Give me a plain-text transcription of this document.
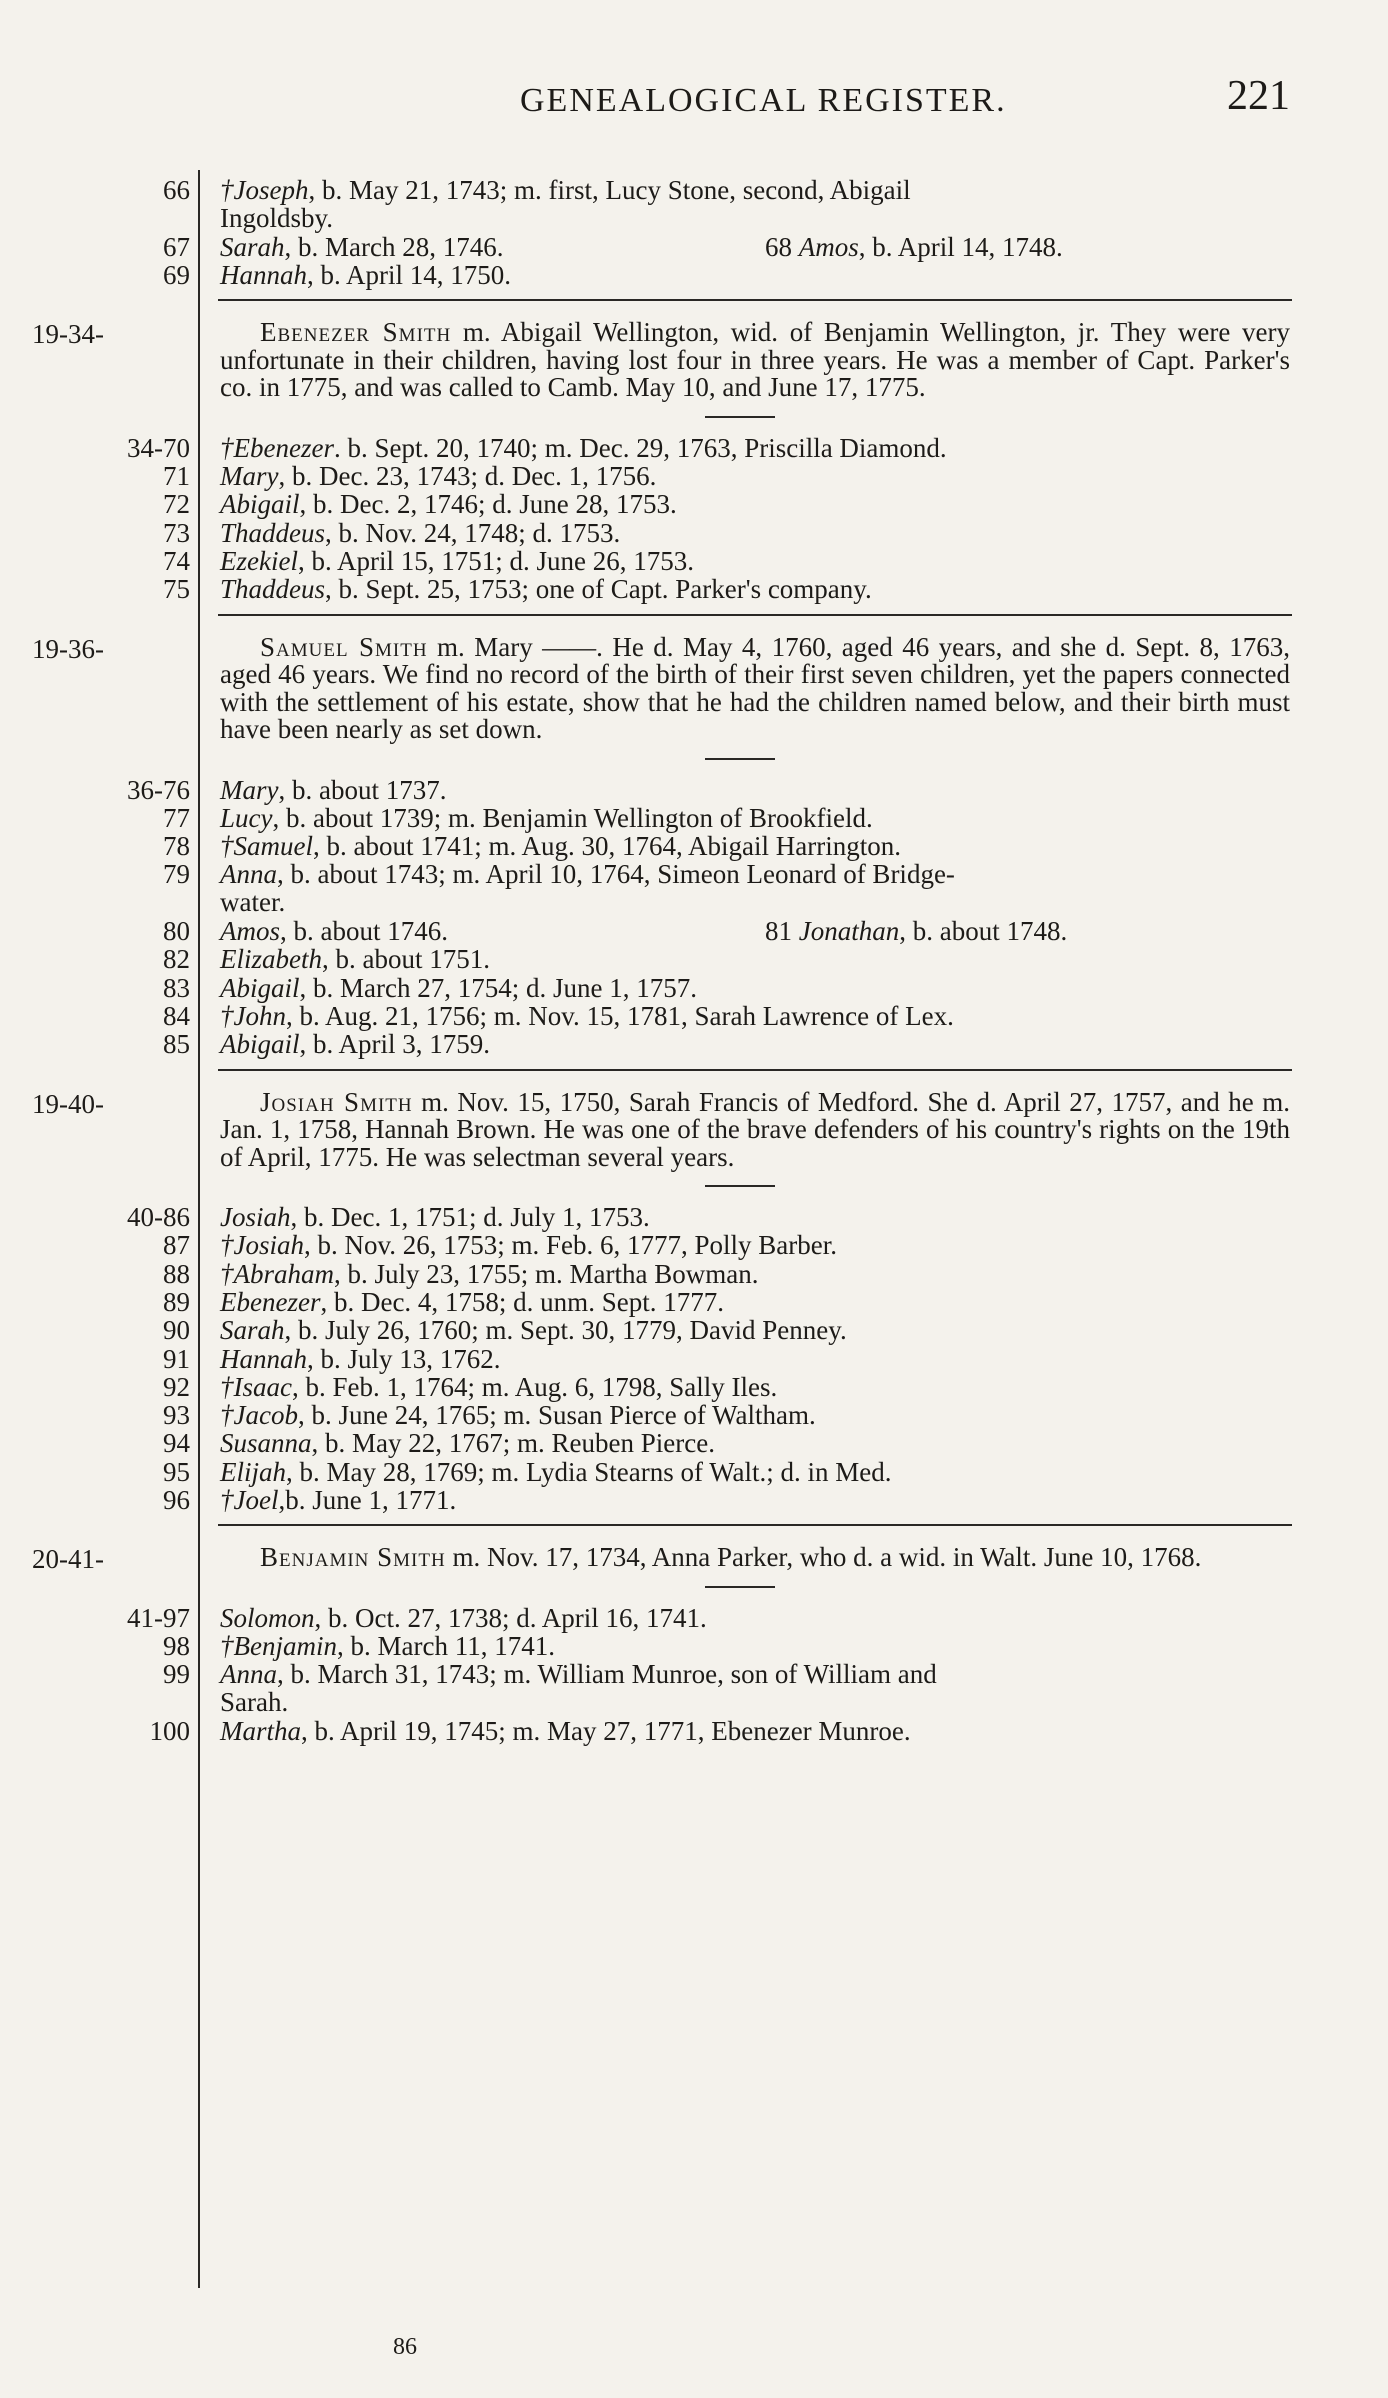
GENEALOGICAL REGISTER.	221
66 †Joseph, b. May 21, 1743; m. first, Lucy Stone, second, Abigail
Ingoldsby.
67 Sarah, b. March 28, 1746.	68 Amos, b. April 14, 1748.
69 Hannah, b. April 14, 1750.
19-34-	Ebenezer Smith m. Abigail Wellington, wid. of Benjamin Wellington, jr. They were very unfortunate in their children, having lost four in three years. He was a member of Capt. Parker's co. in 1775, and was called to Camb. May 10, and June 17, 1775.
34-70 †Ebenezer. b. Sept. 20, 1740; m. Dec. 29, 1763, Priscilla Diamond.
71 Mary, b. Dec. 23, 1743; d. Dec. 1, 1756.
72 Abigail, b. Dec. 2, 1746; d. June 28, 1753.
73 Thaddeus, b. Nov. 24, 1748; d. 1753.
74 Ezekiel, b. April 15, 1751; d. June 26, 1753.
75 Thaddeus, b. Sept. 25, 1753; one of Capt. Parker's company.
19-36-	Samuel Smith m. Mary ——. He d. May 4, 1760, aged 46 years, and she d. Sept. 8, 1763, aged 46 years. We find no record of the birth of their first seven children, yet the papers connected with the settlement of his estate, show that he had the children named below, and their birth must have been nearly as set down.
36-76 Mary, b. about 1737.
77 Lucy, b. about 1739; m. Benjamin Wellington of Brookfield.
78 †Samuel, b. about 1741; m. Aug. 30, 1764, Abigail Harrington.
79 Anna, b. about 1743; m. April 10, 1764, Simeon Leonard of Bridge-
water.
80 Amos, b. about 1746.	81 Jonathan, b. about 1748.
82 Elizabeth, b. about 1751.
83 Abigail, b. March 27, 1754; d. June 1, 1757.
84 †John, b. Aug. 21, 1756; m. Nov. 15, 1781, Sarah Lawrence of Lex.
85 Abigail, b. April 3, 1759.
19-40-	Josiah Smith m. Nov. 15, 1750, Sarah Francis of Medford. She d. April 27, 1757, and he m. Jan. 1, 1758, Hannah Brown. He was one of the brave defenders of his country's rights on the 19th of April, 1775. He was selectman several years.
40-86 Josiah, b. Dec. 1, 1751; d. July 1, 1753.
87 †Josiah, b. Nov. 26, 1753; m. Feb. 6, 1777, Polly Barber.
88 †Abraham, b. July 23, 1755; m. Martha Bowman.
89 Ebenezer, b. Dec. 4, 1758; d. unm. Sept. 1777.
90 Sarah, b. July 26, 1760; m. Sept. 30, 1779, David Penney.
91 Hannah, b. July 13, 1762.
92 †Isaac, b. Feb. 1, 1764; m. Aug. 6, 1798, Sally Iles.
93 †Jacob, b. June 24, 1765; m. Susan Pierce of Waltham.
94 Susanna, b. May 22, 1767; m. Reuben Pierce.
95 Elijah, b. May 28, 1769; m. Lydia Stearns of Walt.; d. in Med.
96 †Joel,b. June 1, 1771.
20-41-	Benjamin Smith m. Nov. 17, 1734, Anna Parker, who d. a wid. in Walt. June 10, 1768.
41-97 Solomon, b. Oct. 27, 1738; d. April 16, 1741.
98 †Benjamin, b. March 11, 1741.
99 Anna, b. March 31, 1743; m. William Munroe, son of William and
Sarah.
100 Martha, b. April 19, 1745; m. May 27, 1771, Ebenezer Munroe.
86
